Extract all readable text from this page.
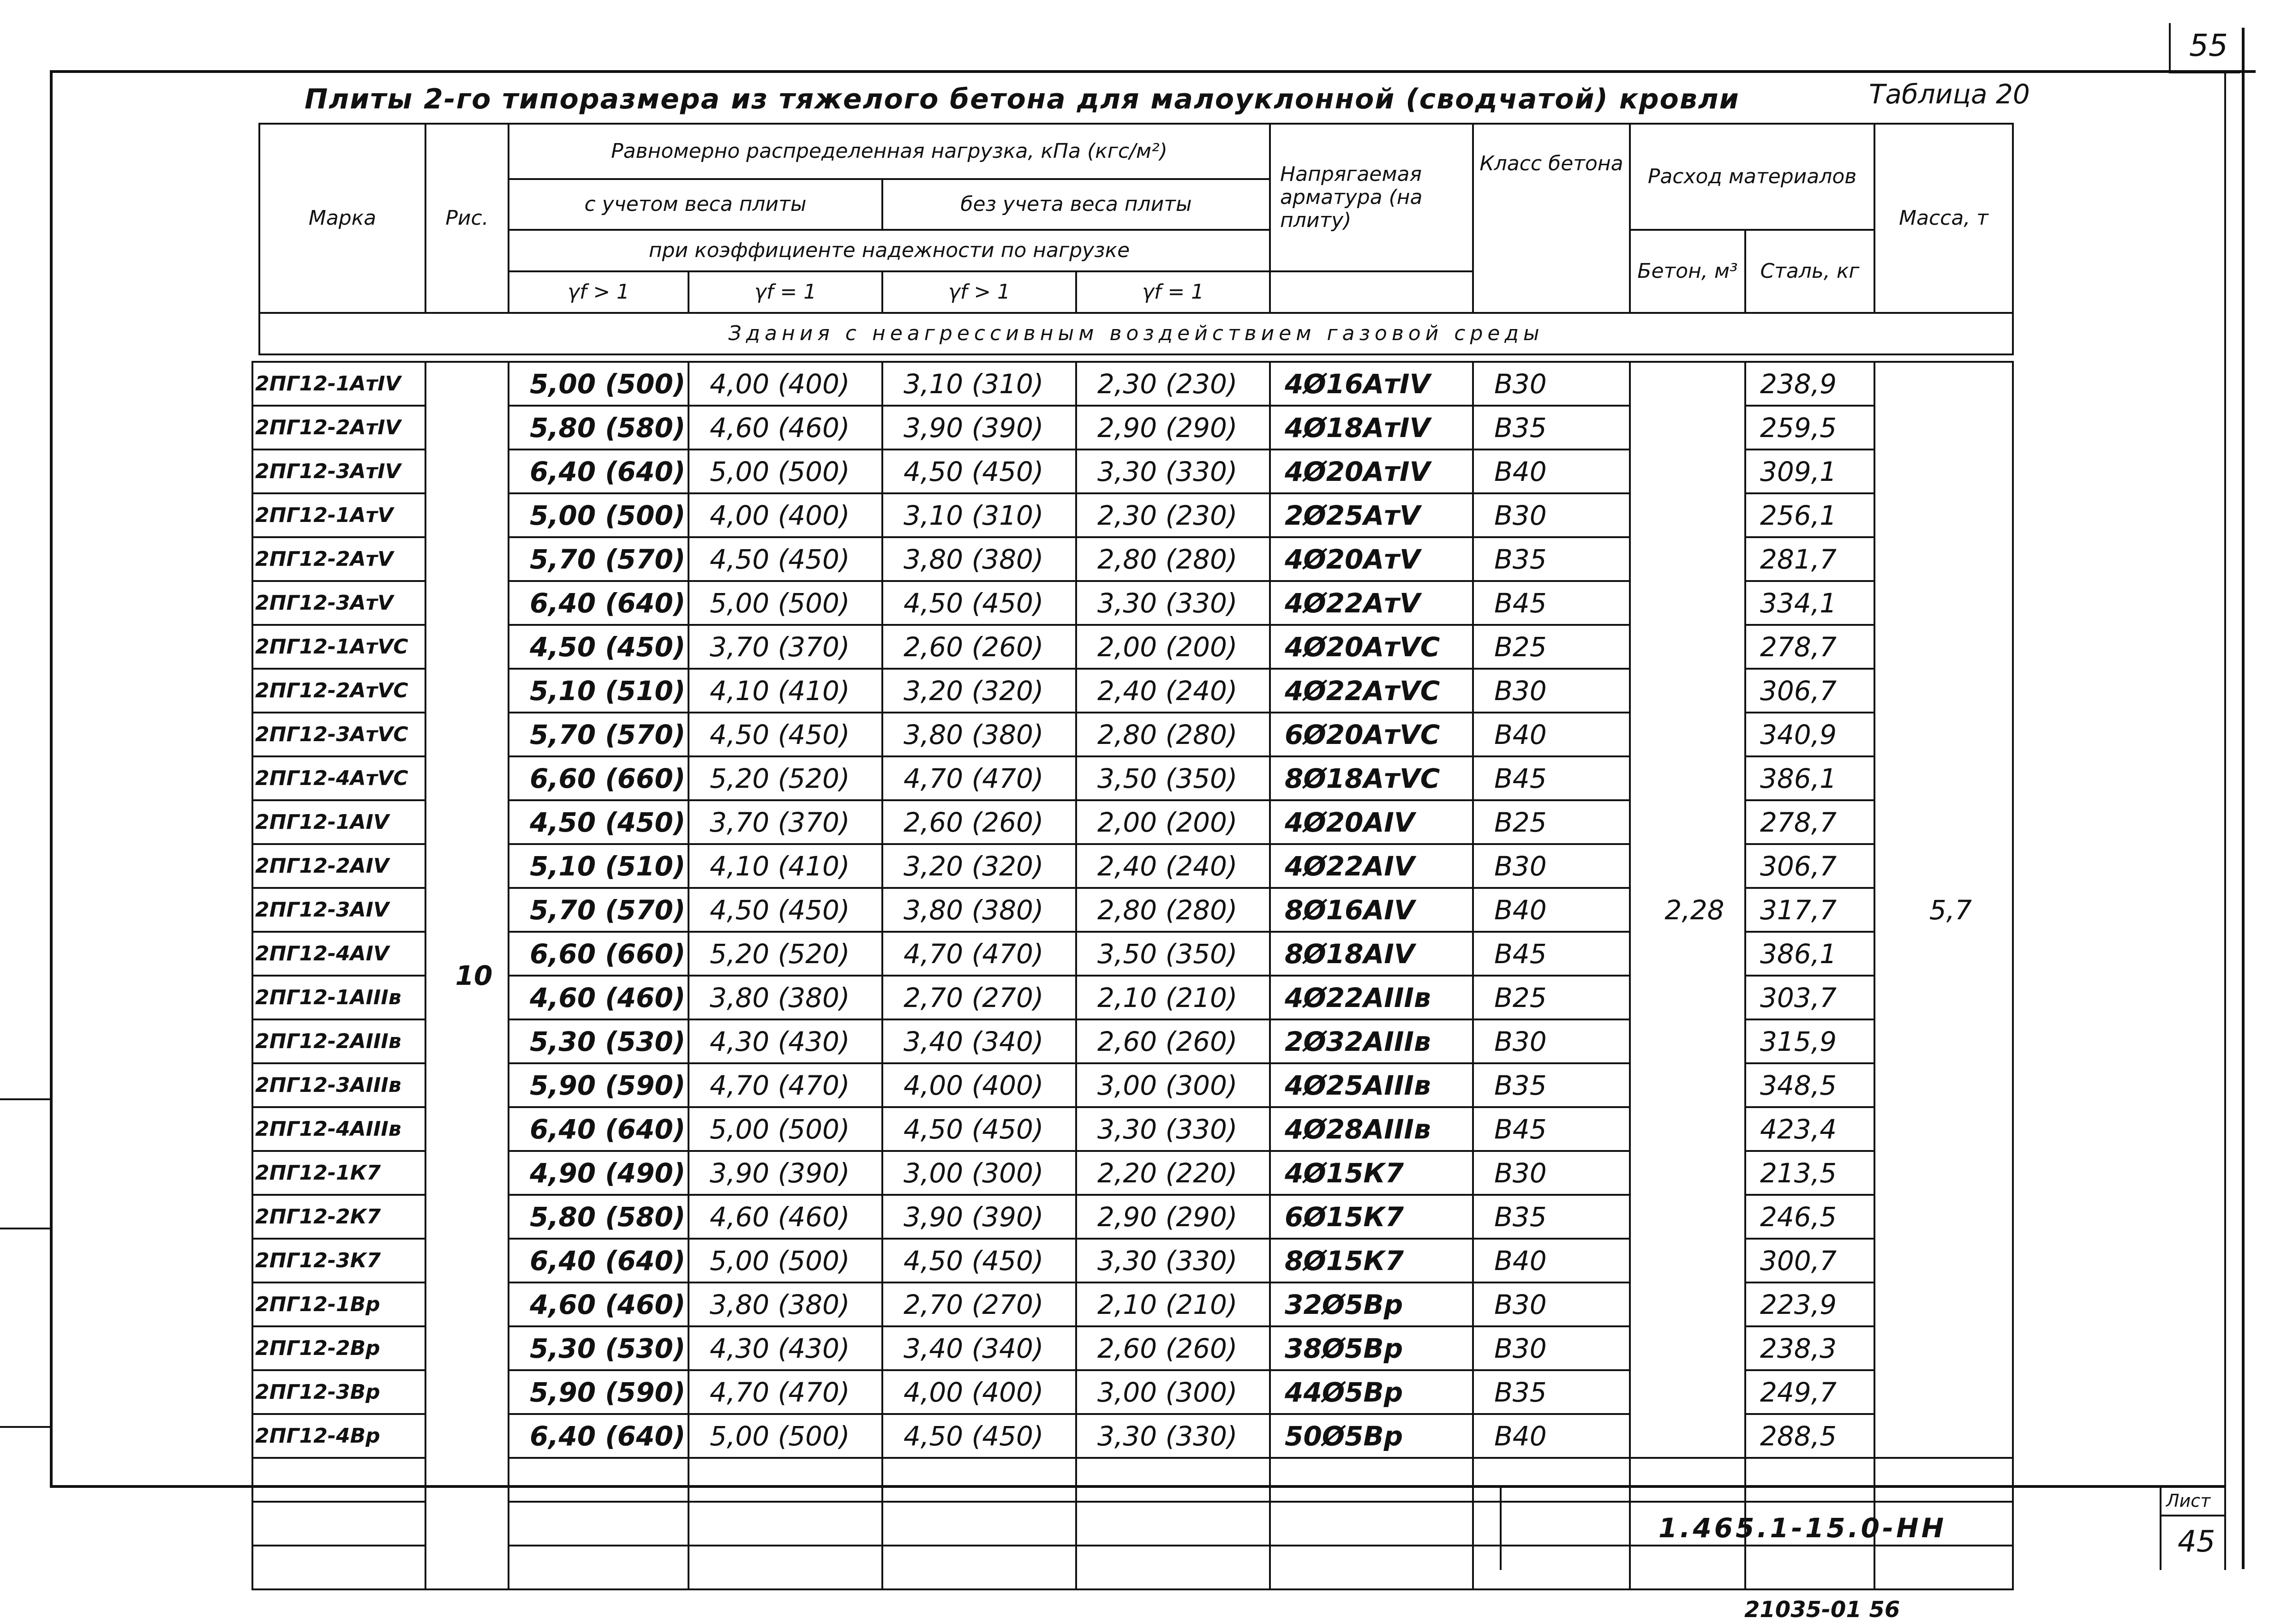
55
Плиты 2-го типоразмера из тяжелого бетона для малоуклонной (сводчатой) кровли	Таблица 20
Марка	Рис.	Равномерно распределенная нагрузка, кПа (кгс/м²)				Напрягаемая арматура (на плиту)	Класс бетона	Расход материалов		Масса, т
		с учетом веса плиты		без учета веса плиты						
		при коэффициенте надежности по нагрузке						Бетон, м³	Сталь, кг	
		γf > 1	γf = 1	γf > 1	γf = 1					
Здания с неагрессивным воздействием газовой среды										
2ПГ12-1АтIV	10	5,00 (500)	4,00 (400)	3,10 (310)	2,30 (230)	4Ø16AтIV	B30	2,28	238,9	5,7
2ПГ12-2АтIV		5,80 (580)	4,60 (460)	3,90 (390)	2,90 (290)	4Ø18AтIV	B35		259,5	
2ПГ12-3АтIV		6,40 (640)	5,00 (500)	4,50 (450)	3,30 (330)	4Ø20AтIV	B40		309,1	
2ПГ12-1АтV		5,00 (500)	4,00 (400)	3,10 (310)	2,30 (230)	2Ø25AтV	B30		256,1	
2ПГ12-2АтV		5,70 (570)	4,50 (450)	3,80 (380)	2,80 (280)	4Ø20AтV	B35		281,7	
2ПГ12-3АтV		6,40 (640)	5,00 (500)	4,50 (450)	3,30 (330)	4Ø22AтV	B45		334,1	
2ПГ12-1АтVС		4,50 (450)	3,70 (370)	2,60 (260)	2,00 (200)	4Ø20AтVС	B25		278,7	
2ПГ12-2АтVС		5,10 (510)	4,10 (410)	3,20 (320)	2,40 (240)	4Ø22AтVС	B30		306,7	
2ПГ12-3АтVС		5,70 (570)	4,50 (450)	3,80 (380)	2,80 (280)	6Ø20AтVС	B40		340,9	
2ПГ12-4АтVС		6,60 (660)	5,20 (520)	4,70 (470)	3,50 (350)	8Ø18AтVС	B45		386,1	
2ПГ12-1АIV		4,50 (450)	3,70 (370)	2,60 (260)	2,00 (200)	4Ø20AIV	B25		278,7	
2ПГ12-2АIV		5,10 (510)	4,10 (410)	3,20 (320)	2,40 (240)	4Ø22AIV	B30		306,7	
2ПГ12-3АIV		5,70 (570)	4,50 (450)	3,80 (380)	2,80 (280)	8Ø16AIV	B40		317,7	
2ПГ12-4АIV		6,60 (660)	5,20 (520)	4,70 (470)	3,50 (350)	8Ø18AIV	B45		386,1	
2ПГ12-1АIIIв		4,60 (460)	3,80 (380)	2,70 (270)	2,10 (210)	4Ø22AIIIв	B25		303,7	
2ПГ12-2АIIIв		5,30 (530)	4,30 (430)	3,40 (340)	2,60 (260)	2Ø32AIIIв	B30		315,9	
2ПГ12-3АIIIв		5,90 (590)	4,70 (470)	4,00 (400)	3,00 (300)	4Ø25AIIIв	B35		348,5	
2ПГ12-4АIIIв		6,40 (640)	5,00 (500)	4,50 (450)	3,30 (330)	4Ø28AIIIв	B45		423,4	
2ПГ12-1К7		4,90 (490)	3,90 (390)	3,00 (300)	2,20 (220)	4Ø15К7	B30		213,5	
2ПГ12-2К7		5,80 (580)	4,60 (460)	3,90 (390)	2,90 (290)	6Ø15К7	B35		246,5	
2ПГ12-3К7		6,40 (640)	5,00 (500)	4,50 (450)	3,30 (330)	8Ø15К7	B40		300,7	
2ПГ12-1Вр		4,60 (460)	3,80 (380)	2,70 (270)	2,10 (210)	32Ø5Вр	B30		223,9	
2ПГ12-2Вр		5,30 (530)	4,30 (430)	3,40 (340)	2,60 (260)	38Ø5Вр	B30		238,3	
2ПГ12-3Вр		5,90 (590)	4,70 (470)	4,00 (400)	3,00 (300)	44Ø5Вр	B35		249,7	
2ПГ12-4Вр		6,40 (640)	5,00 (500)	4,50 (450)	3,30 (330)	50Ø5Вр	B40		288,5	

1.465.1-15.0-НН
Лист
45
21035-01 56
